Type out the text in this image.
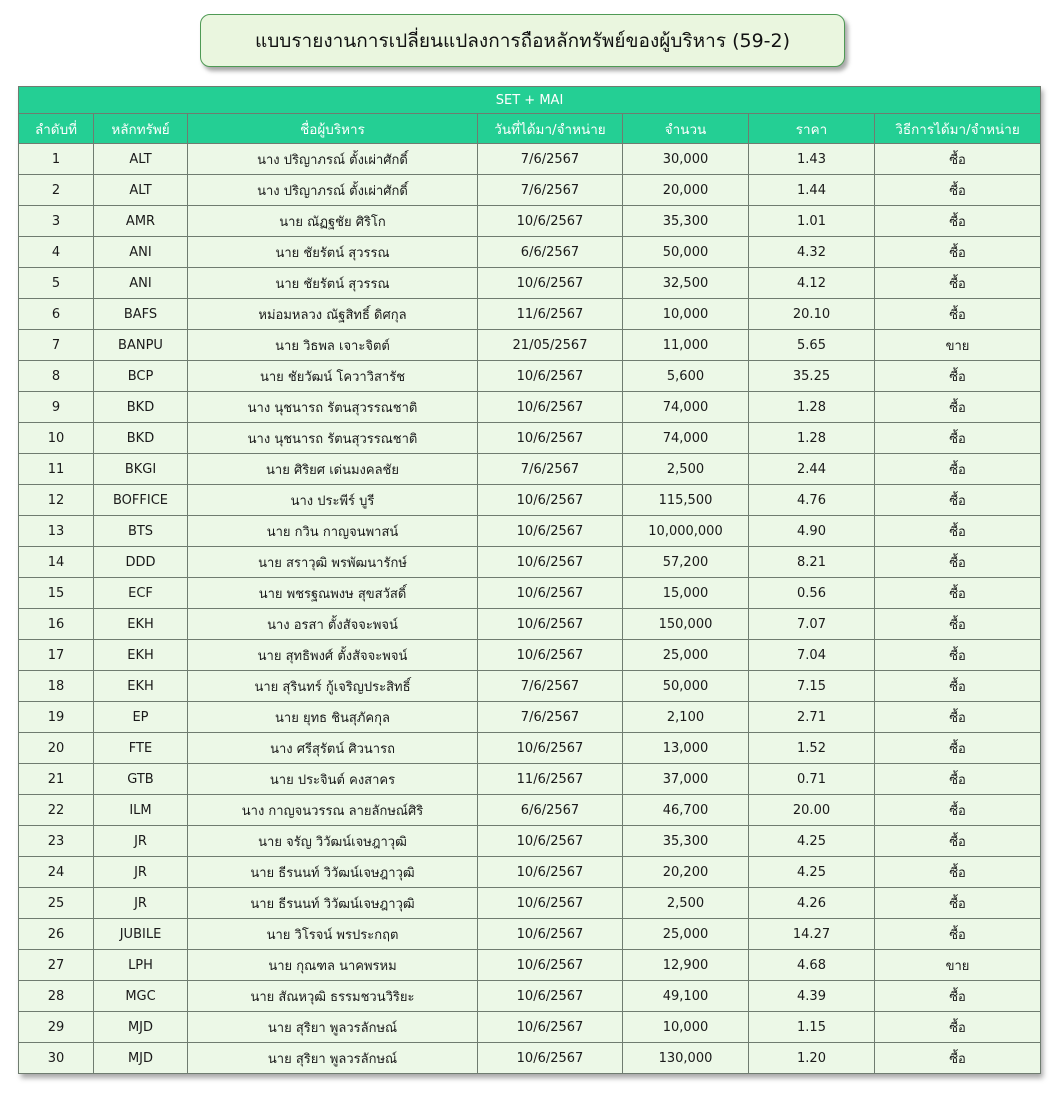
แบบรายงานการเปลี่ยนแปลงการถือหลักทรัพย์ของผู้บริหาร (59-2)
SET + MAI						
ลำดับที่	หลักทรัพย์	ชื่อผู้บริหาร	วันที่ได้มา/จำหน่าย	จำนวน	ราคา	วิธีการได้มา/จำหน่าย
1	ALT	นาง ปริญาภรณ์ ตั้งเผ่าศักดิ์	7/6/2567	30,000	1.43	ซื้อ
2	ALT	นาง ปริญาภรณ์ ตั้งเผ่าศักดิ์	7/6/2567	20,000	1.44	ซื้อ
3	AMR	นาย ณัฏฐชัย ศิริโก	10/6/2567	35,300	1.01	ซื้อ
4	ANI	นาย ชัยรัตน์ สุวรรณ	6/6/2567	50,000	4.32	ซื้อ
5	ANI	นาย ชัยรัตน์ สุวรรณ	10/6/2567	32,500	4.12	ซื้อ
6	BAFS	หม่อมหลวง ณัฐสิทธิ์ ดิศกุล	11/6/2567	10,000	20.10	ซื้อ
7	BANPU	นาย วิธพล เจาะจิตต์	21/05/2567	11,000	5.65	ขาย
8	BCP	นาย ชัยวัฒน์ โควาวิสารัช	10/6/2567	5,600	35.25	ซื้อ
9	BKD	นาง นุชนารถ รัตนสุวรรณชาติ	10/6/2567	74,000	1.28	ซื้อ
10	BKD	นาง นุชนารถ รัตนสุวรรณชาติ	10/6/2567	74,000	1.28	ซื้อ
11	BKGI	นาย ศิริยศ เด่นมงคลชัย	7/6/2567	2,500	2.44	ซื้อ
12	BOFFICE	นาง ประพีร์ บูรี	10/6/2567	115,500	4.76	ซื้อ
13	BTS	นาย กวิน กาญจนพาสน์	10/6/2567	10,000,000	4.90	ซื้อ
14	DDD	นาย สราวุฒิ พรพัฒนารักษ์	10/6/2567	57,200	8.21	ซื้อ
15	ECF	นาย พชรฐณพงษ สุขสวัสดิ์	10/6/2567	15,000	0.56	ซื้อ
16	EKH	นาง อรสา ตั้งสัจจะพจน์	10/6/2567	150,000	7.07	ซื้อ
17	EKH	นาย สุทธิพงศ์ ตั้งสัจจะพจน์	10/6/2567	25,000	7.04	ซื้อ
18	EKH	นาย สุรินทร์ กู้เจริญประสิทธิ์	7/6/2567	50,000	7.15	ซื้อ
19	EP	นาย ยุทธ ชินสุภัคกุล	7/6/2567	2,100	2.71	ซื้อ
20	FTE	นาง ศรีสุรัตน์ ศิวนารถ	10/6/2567	13,000	1.52	ซื้อ
21	GTB	นาย ประจินต์ คงสาคร	11/6/2567	37,000	0.71	ซื้อ
22	ILM	นาง กาญจนวรรณ ลายลักษณ์ศิริ	6/6/2567	46,700	20.00	ซื้อ
23	JR	นาย จรัญ วิวัฒน์เจษฎาวุฒิ	10/6/2567	35,300	4.25	ซื้อ
24	JR	นาย ธีรนนท์ วิวัฒน์เจษฎาวุฒิ	10/6/2567	20,200	4.25	ซื้อ
25	JR	นาย ธีรนนท์ วิวัฒน์เจษฎาวุฒิ	10/6/2567	2,500	4.26	ซื้อ
26	JUBILE	นาย วิโรจน์ พรประกฤต	10/6/2567	25,000	14.27	ซื้อ
27	LPH	นาย กุณฑล นาคพรหม	10/6/2567	12,900	4.68	ขาย
28	MGC	นาย สัณหวุฒิ ธรรมชวนวิริยะ	10/6/2567	49,100	4.39	ซื้อ
29	MJD	นาย สุริยา พูลวรลักษณ์	10/6/2567	10,000	1.15	ซื้อ
30	MJD	นาย สุริยา พูลวรลักษณ์	10/6/2567	130,000	1.20	ซื้อ
